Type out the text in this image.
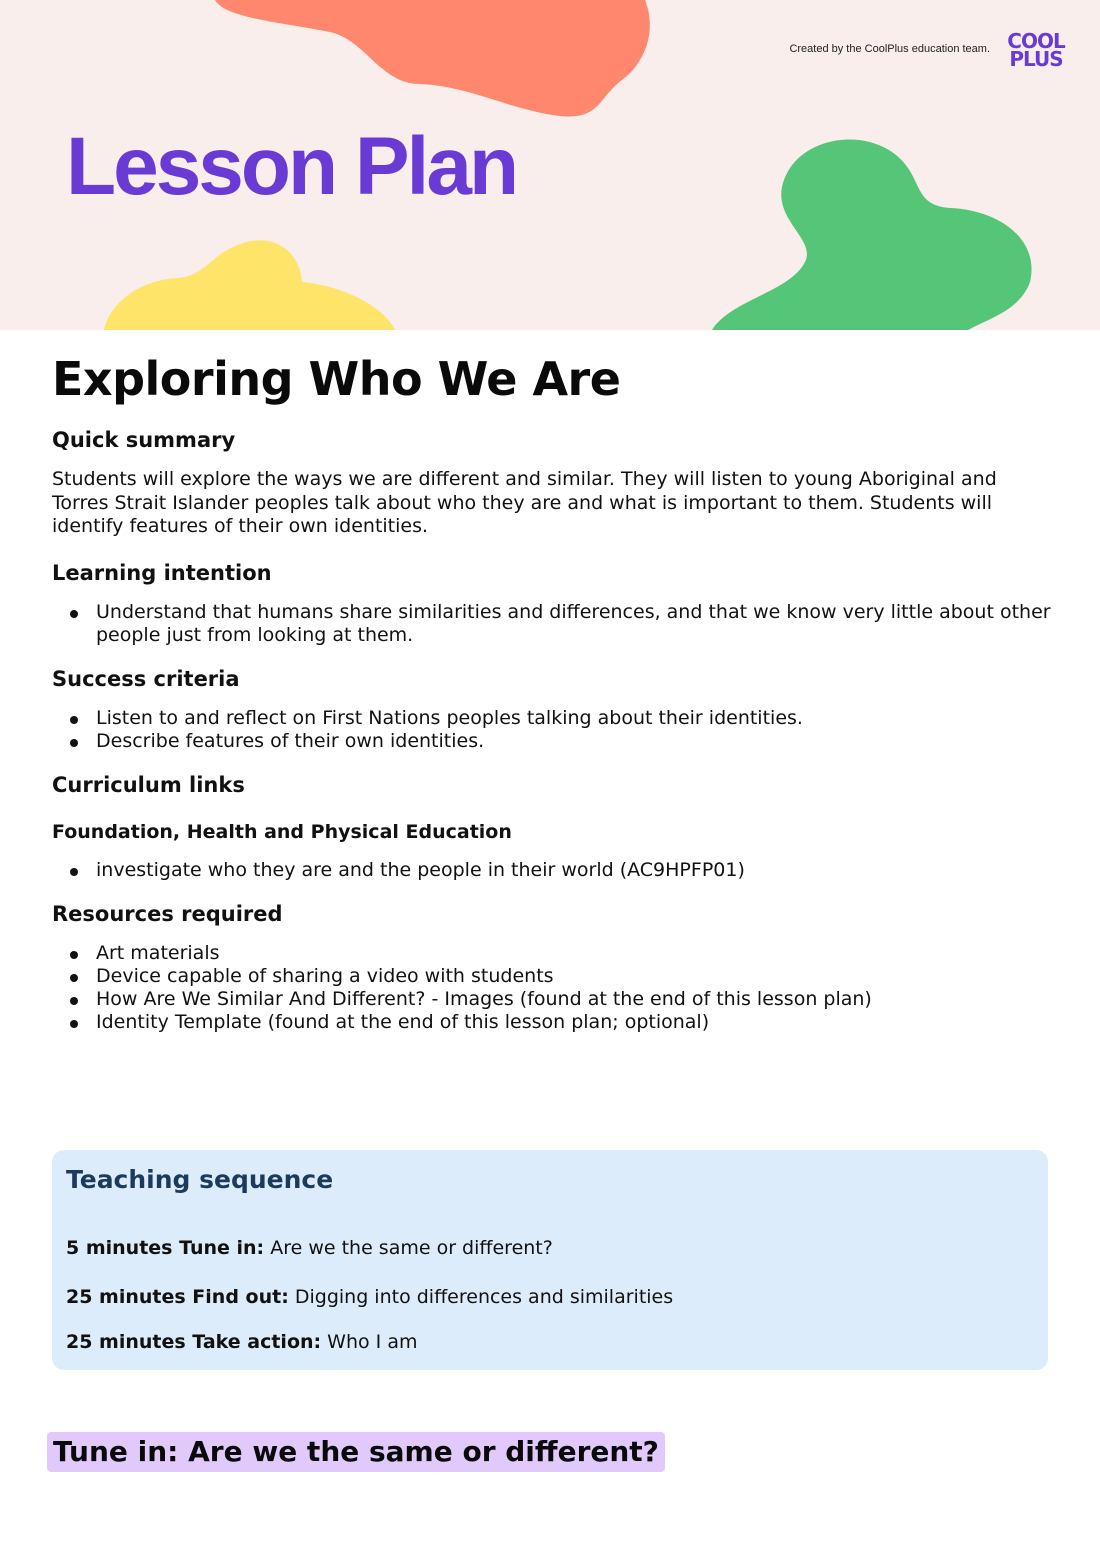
Created by the CoolPlus education team. COOL
PLUS
Lesson Plan
Exploring Who We Are
Quick summary

Students will explore the ways we are different and similar. They will listen to young Aboriginal and Torres Strait Islander peoples talk about who they are and what is important to them. Students will identify features of their own identities.

Learning intention
Understand that humans share similarities and differences, and that we know very little about other people just from looking at them.
Success criteria
Listen to and reflect on First Nations peoples talking about their identities.
Describe features of their own identities.
Curriculum links
Foundation, Health and Physical Education
investigate who they are and the people in their world (AC9HPFP01)
Resources required
Art materials
Device capable of sharing a video with students
How Are We Similar And Different? - Images (found at the end of this lesson plan)
Identity Template (found at the end of this lesson plan; optional)
Teaching sequence
5 minutes Tune in: Are we the same or different?
25 minutes Find out: Digging into differences and similarities
25 minutes Take action: Who I am
Tune in: Are we the same or different?
